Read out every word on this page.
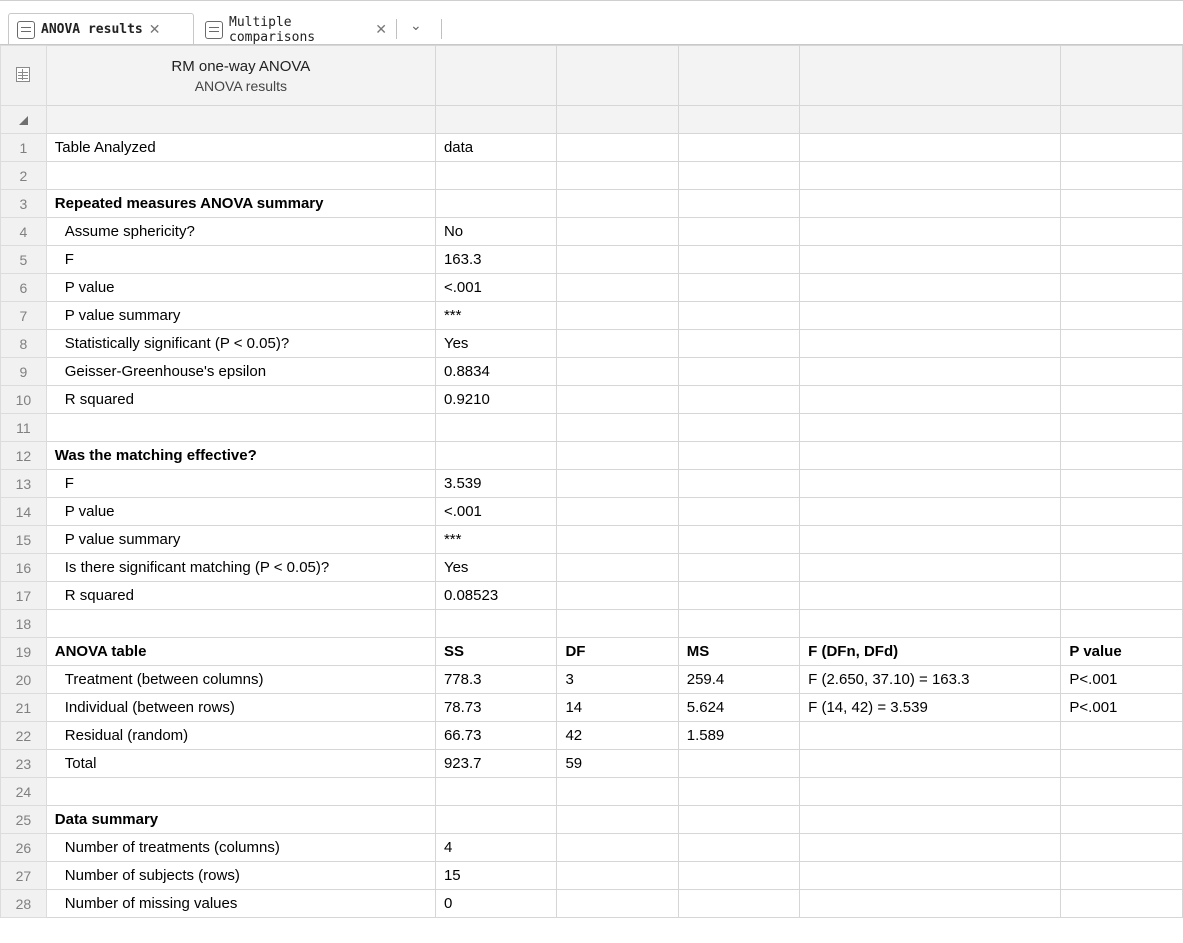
ANOVA results ✕	Multiple comparisons	✕ ⌄

	RM one-way ANOVA
ANOVA results					

1	Table Analyzed	data				
2						
3	Repeated measures ANOVA summary					
4	Assume sphericity?	No				
5	F	163.3				
6	P value	<.001				
7	P value summary	***				
8	Statistically significant (P < 0.05)?	Yes				
9	Geisser-Greenhouse's epsilon	0.8834				
10	R squared	0.9210				
11						
12	Was the matching effective?					
13	F	3.539				
14	P value	<.001				
15	P value summary	***				
16	Is there significant matching (P < 0.05)?	Yes				
17	R squared	0.08523				
18						
19	ANOVA table	SS	DF	MS	F (DFn, DFd)	P value
20	Treatment (between columns)	778.3	3	259.4	F (2.650, 37.10) = 163.3	P<.001
21	Individual (between rows)	78.73	14	5.624	F (14, 42) = 3.539	P<.001
22	Residual (random)	66.73	42	1.589		
23	Total	923.7	59			
24						
25	Data summary					
26	Number of treatments (columns)	4				
27	Number of subjects (rows)	15				
28	Number of missing values	0				
